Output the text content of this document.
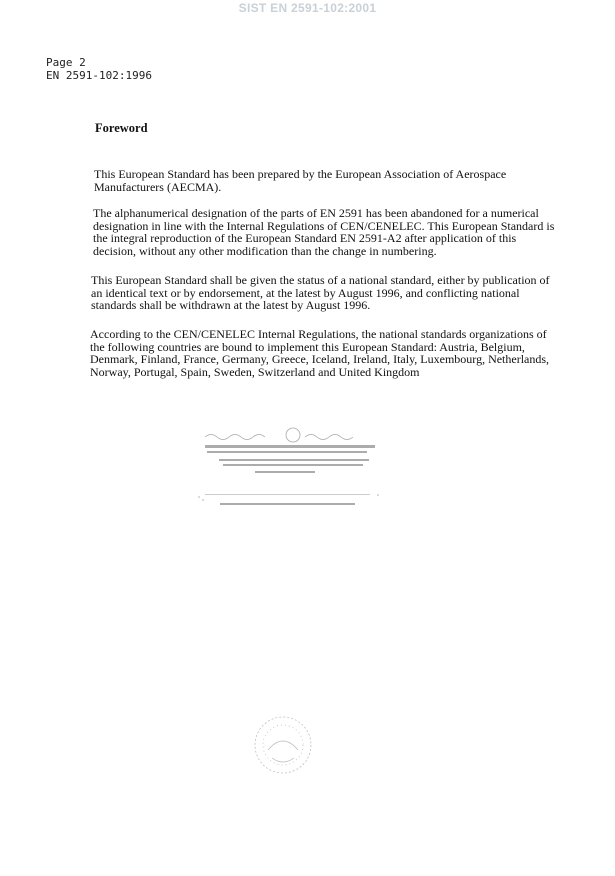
SIST EN 2591-102:2001
Page 2
EN 2591-102:1996
Foreword
This European Standard has been prepared by the European Association of Aerospace
Manufacturers (AECMA).
The alphanumerical designation of the parts of EN 2591 has been abandoned for a numerical
designation in line with the Internal Regulations of CEN/CENELEC. This European Standard is
the integral reproduction of the European Standard EN 2591-A2 after application of this
decision, without any other modification than the change in numbering.
This European Standard shall be given the status of a national standard, either by publication of
an identical text or by endorsement, at the latest by August 1996, and conflicting national
standards shall be withdrawn at the latest by August 1996.
According to the CEN/CENELEC Internal Regulations, the national standards organizations of
the following countries are bound to implement this European Standard: Austria, Belgium,
Denmark, Finland, France, Germany, Greece, Iceland, Ireland, Italy, Luxembourg, Netherlands,
Norway, Portugal, Spain, Sweden, Switzerland and United Kingdom
